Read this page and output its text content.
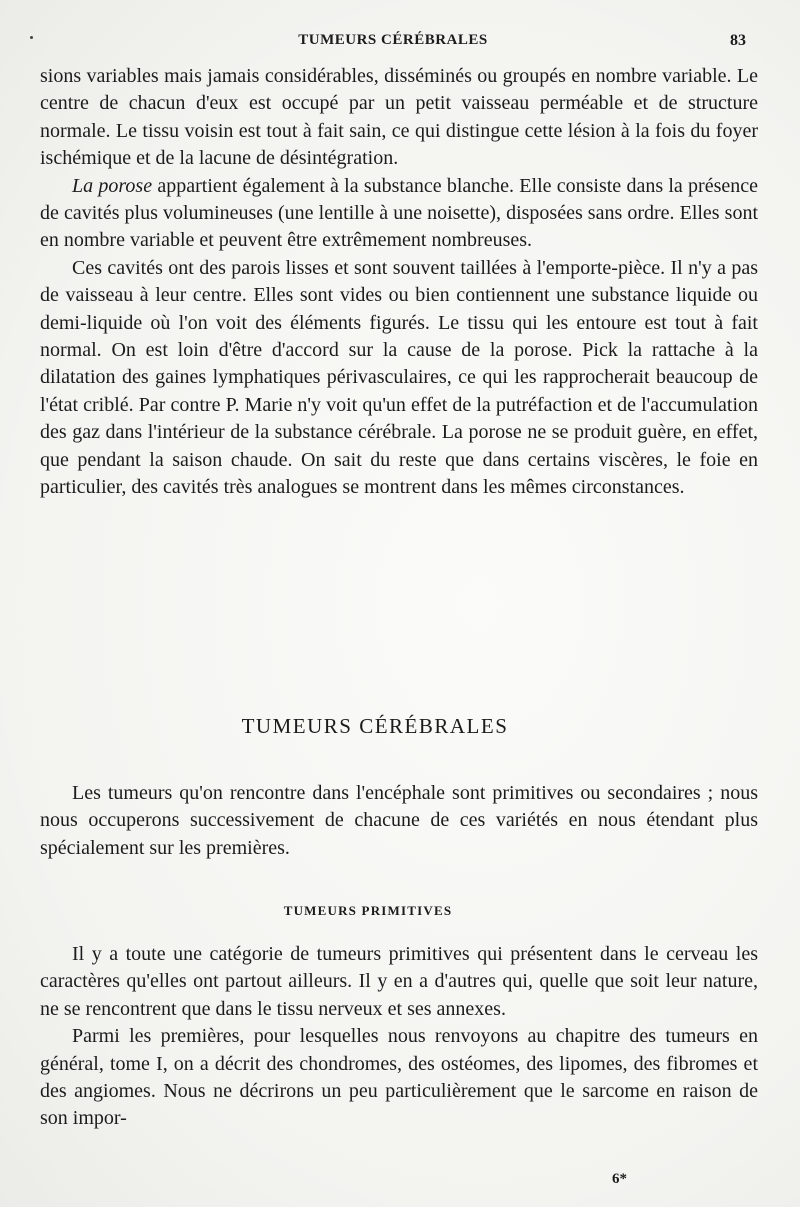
TUMEURS CÉRÉBRALES	83

sions variables mais jamais considérables, disséminés ou groupés en nombre variable. Le centre de chacun d'eux est occupé par un petit vaisseau perméable et de structure normale. Le tissu voisin est tout à fait sain, ce qui distingue cette lésion à la fois du foyer ischémique et de la lacune de désintégration.

La porose appartient également à la substance blanche. Elle consiste dans la présence de cavités plus volumineuses (une lentille à une noisette), disposées sans ordre. Elles sont en nombre variable et peuvent être extrêmement nombreuses.

Ces cavités ont des parois lisses et sont souvent taillées à l'emporte-pièce. Il n'y a pas de vaisseau à leur centre. Elles sont vides ou bien contiennent une substance liquide ou demi-liquide où l'on voit des éléments figurés. Le tissu qui les entoure est tout à fait normal. On est loin d'être d'accord sur la cause de la porose. Pick la rattache à la dilatation des gaines lymphatiques périvasculaires, ce qui les rapprocherait beaucoup de l'état criblé. Par contre P. Marie n'y voit qu'un effet de la putréfaction et de l'accumulation des gaz dans l'intérieur de la substance cérébrale. La porose ne se produit guère, en effet, que pendant la saison chaude. On sait du reste que dans certains viscères, le foie en particulier, des cavités très analogues se montrent dans les mêmes circonstances.

TUMEURS CÉRÉBRALES

Les tumeurs qu'on rencontre dans l'encéphale sont primitives ou secondaires ; nous nous occuperons successivement de chacune de ces variétés en nous étendant plus spécialement sur les premières.

TUMEURS PRIMITIVES

Il y a toute une catégorie de tumeurs primitives qui présentent dans le cerveau les caractères qu'elles ont partout ailleurs. Il y en a d'autres qui, quelle que soit leur nature, ne se rencontrent que dans le tissu nerveux et ses annexes.

Parmi les premières, pour lesquelles nous renvoyons au chapitre des tumeurs en général, tome I, on a décrit des chondromes, des ostéomes, des lipomes, des fibromes et des angiomes. Nous ne décrirons un peu particulièrement que le sarcome en raison de son impor-

6*
